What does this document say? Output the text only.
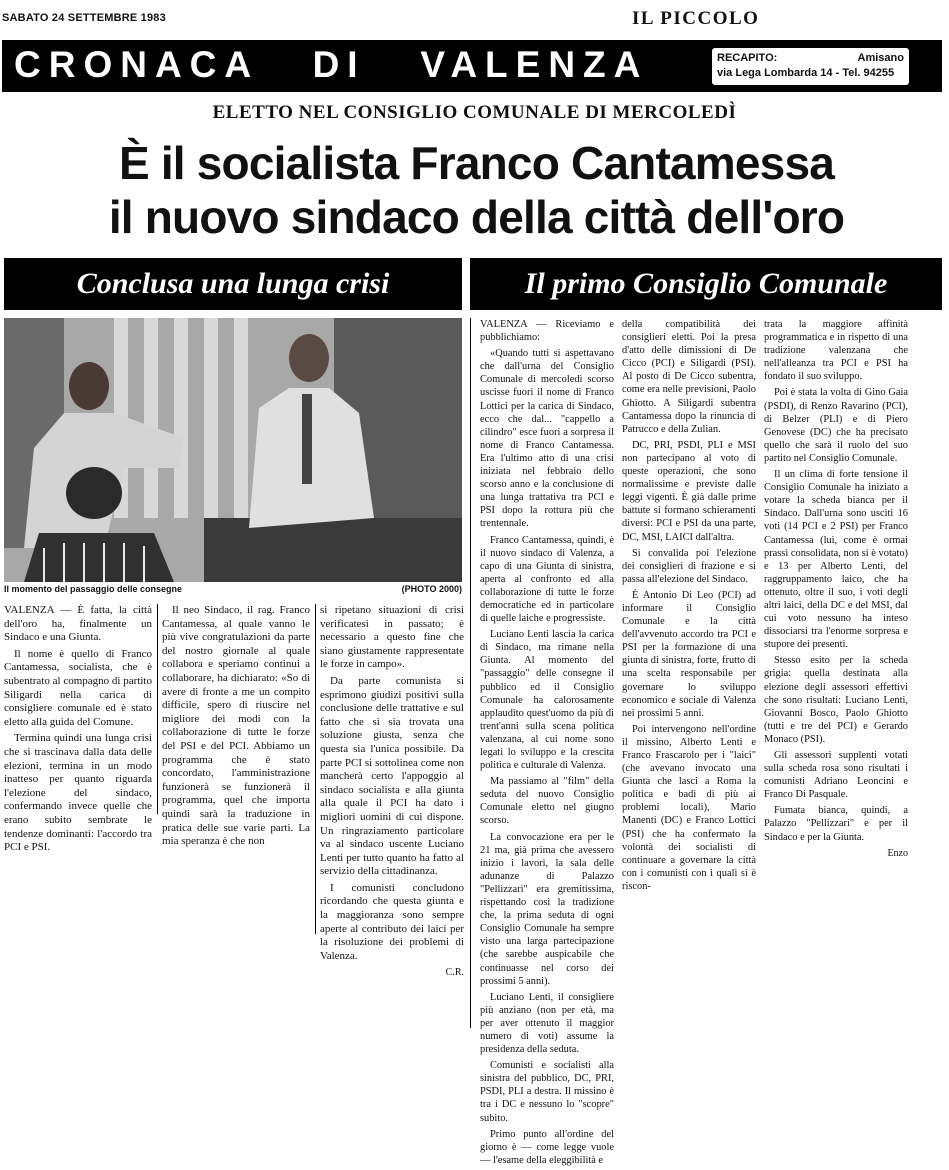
SABATO 24 SETTEMBRE 1983	IL PICCOLO
CRONACA   DI   VALENZA	RECAPITO:	Amisano
via Lega Lombarda 14 - Tel. 94255
ELETTO NEL CONSIGLIO COMUNALE DI MERCOLEDÌ
È il socialista Franco Cantamessa
il nuovo sindaco della città dell'oro
Conclusa una lunga crisi	Il primo Consiglio Comunale
Il momento del passaggio delle consegne	(PHOTO 2000)

VALENZA — È fatta, la città dell'oro ha, finalmente un Sindaco e una Giunta.

Il nome è quello di Franco Cantamessa, socialista, che è subentrato al compagno di partito Siligardi nella carica di consigliere comunale ed è stato eletto alla guida del Comune.

Termina quindi una lunga crisi che si trascinava dalla data delle elezioni, termina in un modo inatteso per quanto riguarda l'elezione del sindaco, confermando invece quelle che erano subito sembrate le tendenze dominanti: l'accordo tra PCI e PSI.

Il neo Sindaco, il rag. Franco Cantamessa, al quale vanno le più vive congratulazioni da parte del nostro giornale al quale collabora e speriamo continui a collaborare, ha dichiarato: «So di avere di fronte a me un compito difficile, spero di riuscire nel migliore dei modi con la collaborazione di tutte le forze del PSI e del PCI. Abbiamo un programma che è stato concordato, l'amministrazione funzionerà se funzionerà il programma, quel che importa quindi sarà la traduzione in pratica delle sue varie parti. La mia speranza è che non

si ripetano situazioni di crisi verificatesi in passato; è necessario a questo fine che siano giustamente rappresentate le forze in campo».

Da parte comunista si esprimono giudizi positivi sulla conclusione delle trattative e sul fatto che si sia trovata una soluzione giusta, senza che questa sia l'unica possibile. Da parte PCI si sottolinea come non mancherà certo l'appoggio al sindaco socialista e alla giunta alla quale il PCI ha dato i migliori uomini di cui dispone. Un ringraziamento particolare va al sindaco uscente Luciano Lenti per tutto quanto ha fatto al servizio della cittadinanza.

I comunisti concludono ricordando che questa giunta e la maggioranza sono sempre aperte al contributo dei laici per la risoluzione dei problemi di Valenza.

C.R.

VALENZA — Riceviamo e pubblichiamo:

«Quando tutti si aspettavano che dall'urna del Consiglio Comunale di mercoledì scorso uscisse fuori il nome di Franco Lottici per la carica di Sindaco, ecco che dal... "cappello a cilindro" esce fuori a sorpresa il nome di Franco Cantamessa. Era l'ultimo atto di una crisi iniziata nel febbraio dello scorso anno e la conclusione di una lunga trattativa tra PCI e PSI dopo la rottura più che trentennale.

Franco Cantamessa, quindi, è il nuovo sindaco di Valenza, a capo di una Giunta di sinistra, aperta al confronto ed alla collaborazione di tutte le forze democratiche ed in particolare di quelle laiche e progressiste.

Luciano Lenti lascia la carica di Sindaco, ma rimane nella Giunta. Al momento del "passaggio" delle consegne il pubblico ed il Consiglio Comunale ha calorosamente applaudito quest'uomo da più di trent'anni sulla scena politica valenzana, al cui nome sono legati lo sviluppo e la crescita politica e culturale di Valenza.

Ma passiamo al "film" della seduta del nuovo Consiglio Comunale eletto nel giugno scorso.

La convocazione era per le 21 ma, già prima che avessero inizio i lavori, la sala delle adunanze di Palazzo "Pellizzari" era gremitissima, rispettando così la tradizione che, la prima seduta di ogni Consiglio Comunale ha sempre visto una larga partecipazione (che sarebbe auspicabile che continuasse nel corso dei prossimi 5 anni).

Luciano Lenti, il consigliere più anziano (non per età, ma per aver ottenuto il maggior numero di voti) assume la presidenza della seduta.

Comunisti e socialisti alla sinistra del pubblico, DC, PRI, PSDI, PLI a destra. Il missino è tra i DC e nessuno lo "scopre" subito.

Primo punto all'ordine del giorno è — come legge vuole — l'esame della eleggibilità e

della compatibilità dei consiglieri eletti. Poi la presa d'atto delle dimissioni di De Cicco (PCI) e Siligardi (PSI). Al posto di De Cicco subentra, come era nelle previsioni, Paolo Ghiotto. A Siligardi subentra Cantamessa dopo la rinuncia di Patrucco e della Zulian.

DC, PRI, PSDI, PLI e MSI non partecipano al voto di queste operazioni, che sono normalissime e previste dalle leggi vigenti. È già dalle prime battute si formano schieramenti diversi: PCI e PSI da una parte, DC, MSI, LAICI dall'altra.

Si convalida poi l'elezione dei consiglieri di frazione e si passa all'elezione del Sindaco.

È Antonio Di Leo (PCI) ad informare il Consiglio Comunale e la città dell'avvenuto accordo tra PCI e PSI per la formazione di una giunta di sinistra, forte, frutto di una scelta responsabile per governare lo sviluppo economico e sociale di Valenza nei prossimi 5 anni.

Poi intervengono nell'ordine il missino, Alberto Lenti e Franco Frascarolo per i "laici" (che avevano invocato una Giunta che lasci a Roma la politica e badi di più ai problemi locali), Mario Manenti (DC) e Franco Lottici (PSI) che ha confermato la volontà dei socialisti di continuare a governare la città con i comunisti con i quali si è riscon-

trata la maggiore affinità programmatica e in rispetto di una tradizione valenzana che nell'alleanza tra PCI e PSI ha fondato il suo sviluppo.

Poi è stata la volta di Gino Gaia (PSDI), di Renzo Ravarino (PCI), di Belzer (PLI) e di Piero Genovese (DC) che ha precisato quello che sarà il ruolo del suo partito nel Consiglio Comunale.

Il un clima di forte tensione il Consiglio Comunale ha iniziato a votare la scheda bianca per il Sindaco. Dall'urna sono usciti 16 voti (14 PCI e 2 PSI) per Franco Cantamessa (lui, come è ormai prassi consolidata, non si è votato) e 13 per Alberto Lenti, del raggruppamento laico, che ha ottenuto, oltre il suo, i voti degli altri laici, della DC e del MSI, dal cui voto nessuno ha inteso dissociarsi tra l'enorme sorpresa e stupore dei presenti.

Stesso esito per la scheda grigia: quella destinata alla elezione degli assessori effettivi che sono risultati: Luciano Lenti, Giovanni Bosco, Paolo Ghiotto (tutti e tre del PCI) e Gerardo Monaco (PSI).

Gli assessori supplenti votati sulla scheda rosa sono risultati i comunisti Adriano Leoncini e Franco Di Pasquale.

Fumata bianca, quindi, a Palazzo "Pellizzari" e per il Sindaco e per la Giunta.

Enzo
